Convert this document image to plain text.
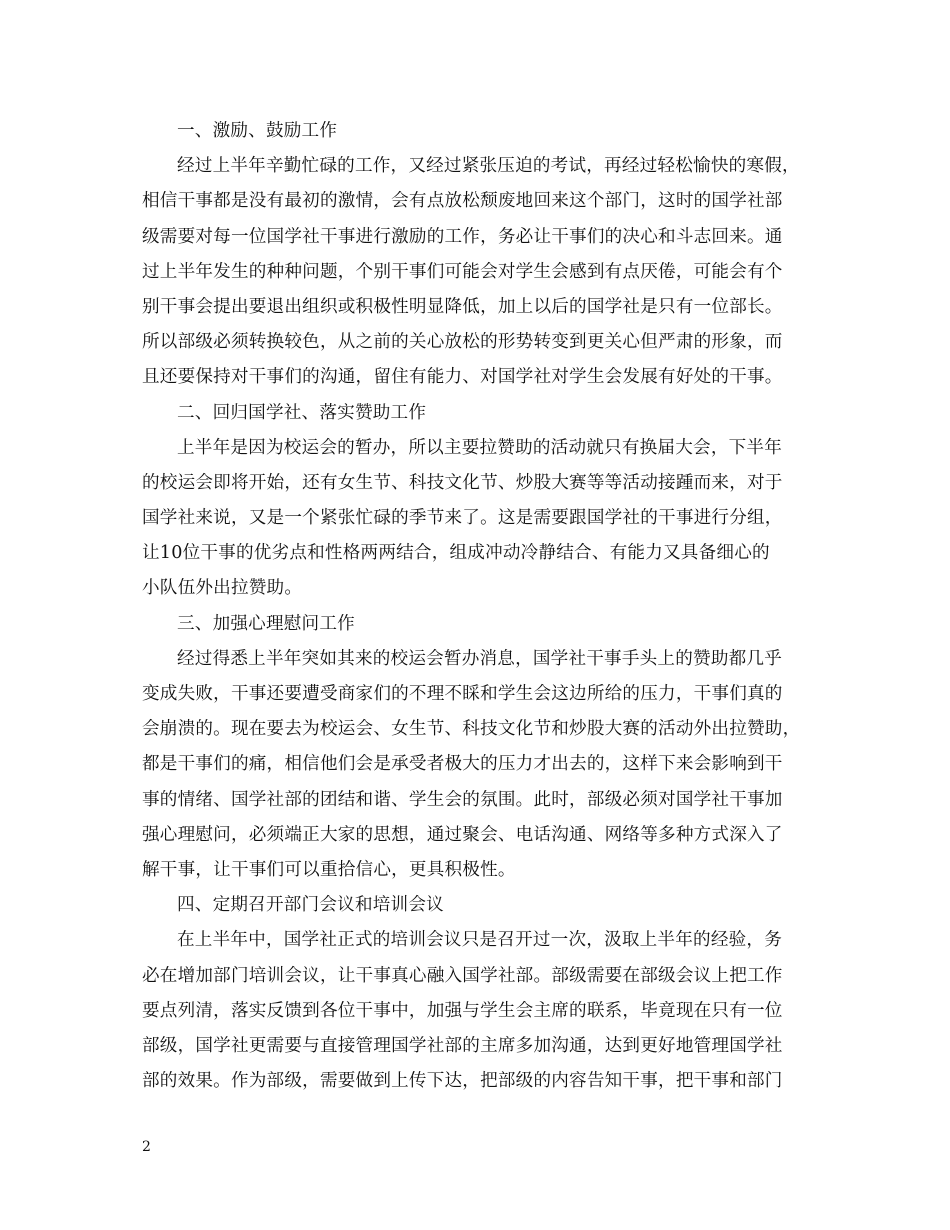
一、激励、鼓励工作
经过上半年辛勤忙碌的工作，又经过紧张压迫的考试，再经过轻松愉快的寒假，
相信干事都是没有最初的激情，会有点放松颓废地回来这个部门，这时的国学社部
级需要对每一位国学社干事进行激励的工作，务必让干事们的决心和斗志回来。通
过上半年发生的种种问题，个别干事们可能会对学生会感到有点厌倦，可能会有个
别干事会提出要退出组织或积极性明显降低，加上以后的国学社是只有一位部长。
所以部级必须转换较色，从之前的关心放松的形势转变到更关心但严肃的形象，而
且还要保持对干事们的沟通，留住有能力、对国学社对学生会发展有好处的干事。
二、回归国学社、落实赞助工作
上半年是因为校运会的暂办，所以主要拉赞助的活动就只有换届大会，下半年
的校运会即将开始，还有女生节、科技文化节、炒股大赛等等活动接踵而来，对于
国学社来说，又是一个紧张忙碌的季节来了。这是需要跟国学社的干事进行分组，
让10位干事的优劣点和性格两两结合，组成冲动冷静结合、有能力又具备细心的
小队伍外出拉赞助。
三、加强心理慰问工作
经过得悉上半年突如其来的校运会暂办消息，国学社干事手头上的赞助都几乎
变成失败，干事还要遭受商家们的不理不睬和学生会这边所给的压力，干事们真的
会崩溃的。现在要去为校运会、女生节、科技文化节和炒股大赛的活动外出拉赞助，
都是干事们的痛，相信他们会是承受者极大的压力才出去的，这样下来会影响到干
事的情绪、国学社部的团结和谐、学生会的氛围。此时，部级必须对国学社干事加
强心理慰问，必须端正大家的思想，通过聚会、电话沟通、网络等多种方式深入了
解干事，让干事们可以重拾信心，更具积极性。
四、定期召开部门会议和培训会议
在上半年中，国学社正式的培训会议只是召开过一次，汲取上半年的经验，务
必在增加部门培训会议，让干事真心融入国学社部。部级需要在部级会议上把工作
要点列清，落实反馈到各位干事中，加强与学生会主席的联系，毕竟现在只有一位
部级，国学社更需要与直接管理国学社部的主席多加沟通，达到更好地管理国学社
部的效果。作为部级，需要做到上传下达，把部级的内容告知干事，把干事和部门
2
